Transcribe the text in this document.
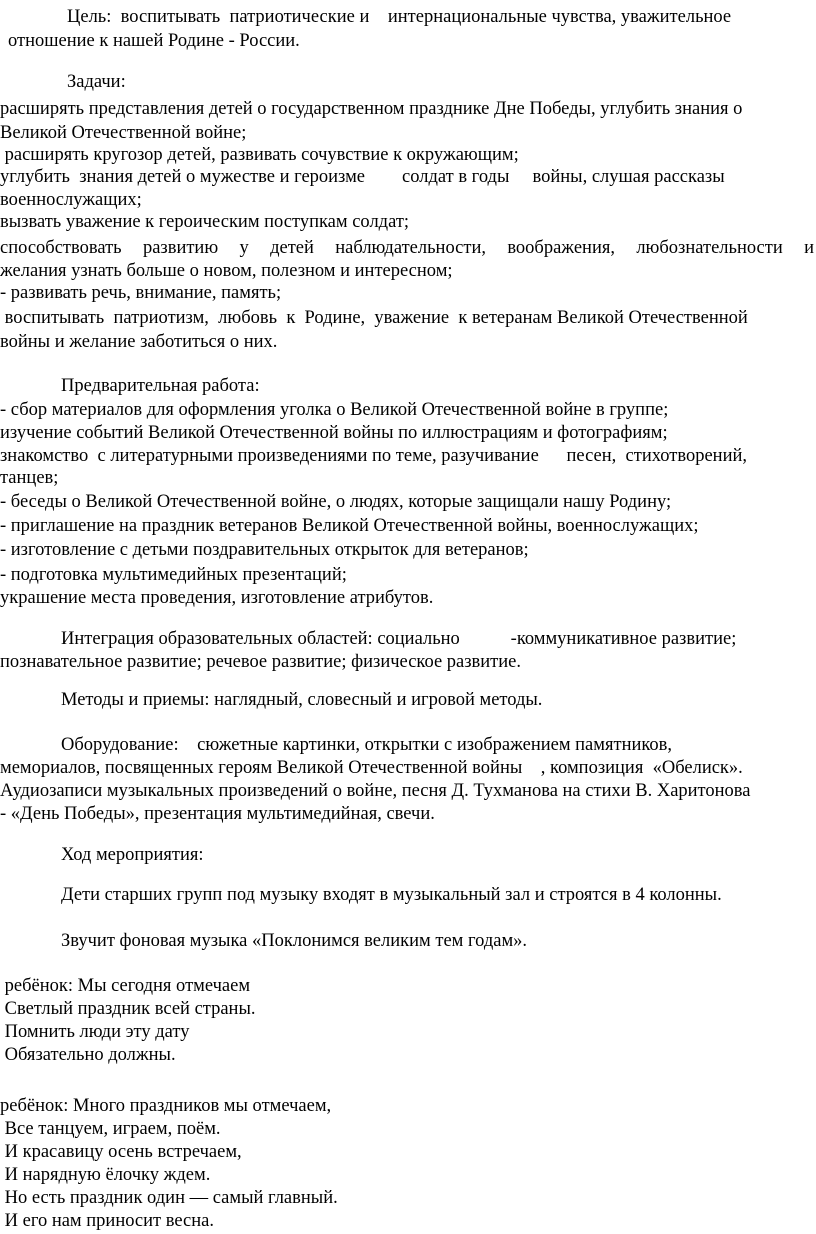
Цель:  воспитывать  патриотические и    интернациональные чувства, уважительное

отношение к нашей Родине - России.

Задачи:

расширять представления детей о государственном празднике Дне Победы, углубить знания о

Великой Отечественной войне;

расширять кругозор детей, развивать сочувствие к окружающим;

углубить  знания детей о мужестве и героизме        солдат в годы     войны, слушая рассказы

военнослужащих;

вызвать уважение к героическим поступкам солдат;

способствовать развитию у детей наблюдательности, воображения, любознательности и

желания узнать больше о новом, полезном и интересном;

- развивать речь, внимание, память;

воспитывать  патриотизм,  любовь  к  Родине,  уважение  к ветеранам Великой Отечественной

войны и желание заботиться о них.

Предварительная работа:

- сбор материалов для оформления уголка о Великой Отечественной войне в группе;

изучение событий Великой Отечественной войны по иллюстрациям и фотографиям;

знакомство  с литературными произведениями по теме, разучивание      песен,  стихотворений,

танцев;

- беседы о Великой Отечественной войне, о людях, которые защищали нашу Родину;

- приглашение на праздник ветеранов Великой Отечественной войны, военнослужащих;

- изготовление с детьми поздравительных открыток для ветеранов;

- подготовка мультимедийных презентаций;

украшение места проведения, изготовление атрибутов.

Интеграция образовательных областей: социально           -коммуникативное развитие;

познавательное развитие; речевое развитие; физическое развитие.

Методы и приемы: наглядный, словесный и игровой методы.

Оборудование:    сюжетные картинки, открытки с изображением памятников,

мемориалов, посвященных героям Великой Отечественной войны    , композиция  «Обелиск».

Аудиозаписи музыкальных произведений о войне, песня Д. Тухманова на стихи В. Харитонова

- «День Победы», презентация мультимедийная, свечи.

Ход мероприятия:

Дети старших групп под музыку входят в музыкальный зал и строятся в 4 колонны.

Звучит фоновая музыка «Поклонимся великим тем годам».

ребёнок: Мы сегодня отмечаем

Светлый праздник всей страны.

Помнить люди эту дату

Обязательно должны.

ребёнок: Много праздников мы отмечаем,

Все танцуем, играем, поём.

И красавицу осень встречаем,

И нарядную ёлочку ждем.

Но есть праздник один — самый главный.

И его нам приносит весна.
